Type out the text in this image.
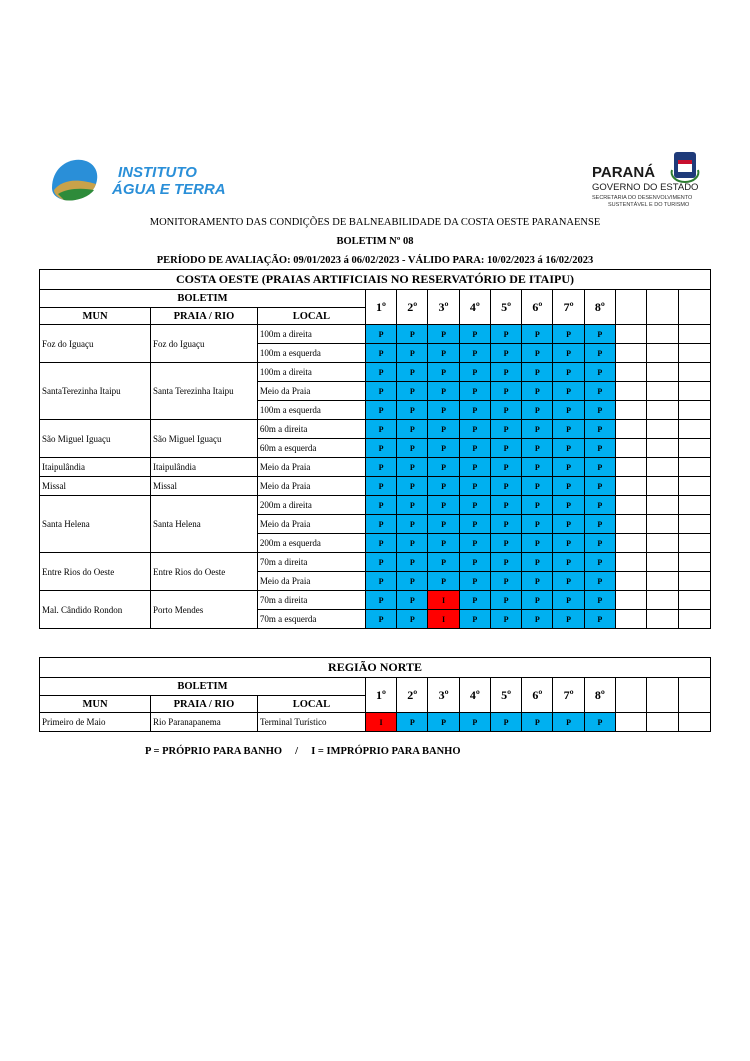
INSTITUTO
ÁGUA E TERRA
PARANÁ
GOVERNO DO ESTADO
SECRETARIA DO DESENVOLVIMENTO
SUSTENTÁVEL E DO TURISMO
MONITORAMENTO DAS CONDIÇÕES DE BALNEABILIDADE DA COSTA OESTE PARANAENSE
BOLETIM Nº 08
PERÍODO DE AVALIAÇÃO: 09/01/2023 á 06/02/2023 - VÁLIDO PARA: 10/02/2023 á 16/02/2023
COSTA OESTE (PRAIAS ARTIFICIAIS NO RESERVATÓRIO DE ITAIPU)													
BOLETIM			1º	2º	3º	4º	5º	6º	7º	8º			
MUN	PRAIA / RIO	LOCAL											
Foz do Iguaçu	Foz do Iguaçu	100m a direita	P	P	P	P	P	P	P	P			
		100m a esquerda	P	P	P	P	P	P	P	P			
SantaTerezinha Itaipu	Santa Terezinha Itaipu	100m a direita	P	P	P	P	P	P	P	P			
		Meio da Praia	P	P	P	P	P	P	P	P			
		100m a esquerda	P	P	P	P	P	P	P	P			
São Miguel Iguaçu	São Miguel Iguaçu	60m a direita	P	P	P	P	P	P	P	P			
		60m a esquerda	P	P	P	P	P	P	P	P			
Itaipulândia	Itaipulândia	Meio da Praia	P	P	P	P	P	P	P	P			
Missal	Missal	Meio da Praia	P	P	P	P	P	P	P	P			
Santa Helena	Santa Helena	200m a direita	P	P	P	P	P	P	P	P			
		Meio da Praia	P	P	P	P	P	P	P	P			
		200m a esquerda	P	P	P	P	P	P	P	P			
Entre Rios do Oeste	Entre Rios do Oeste	70m a direita	P	P	P	P	P	P	P	P			
		Meio da Praia	P	P	P	P	P	P	P	P			
Mal. Cândido Rondon	Porto Mendes	70m a direita	P	P	I	P	P	P	P	P			
		70m a esquerda	P	P	I	P	P	P	P	P			
REGIÃO NORTE													
BOLETIM			1º	2º	3º	4º	5º	6º	7º	8º			
MUN	PRAIA / RIO	LOCAL											
Primeiro de Maio	Rio Paranapanema	Terminal Turístico	I	P	P	P	P	P	P	P			
P = PRÓPRIO PARA BANHO     /     I = IMPRÓPRIO PARA BANHO
